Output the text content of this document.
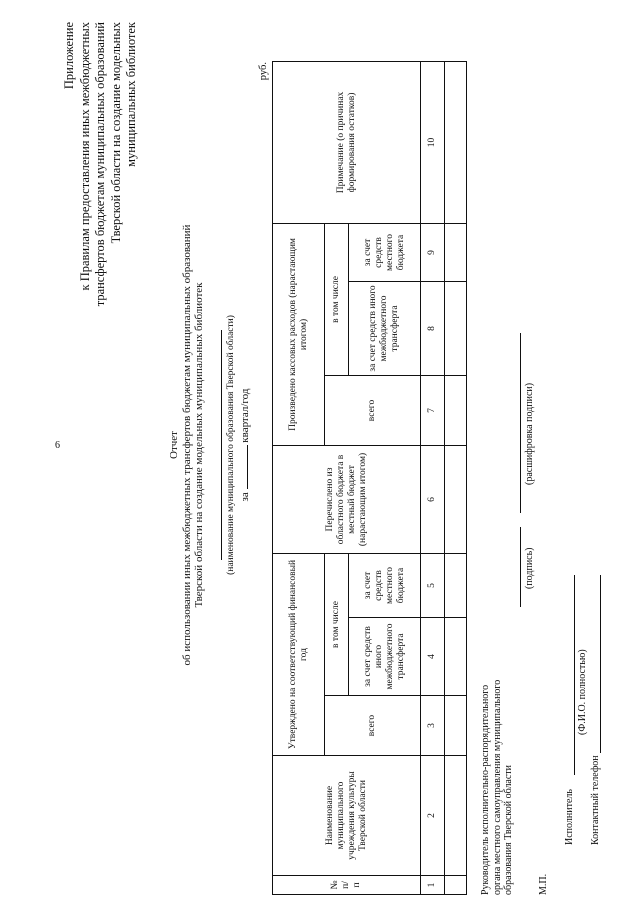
6
Приложение к Правилам предоставления иных межбюджетных трансфертов бюджетам муниципальных образований Тверской области на создание модельных муниципальных библиотек
Отчет об использовании иных межбюджетных трансфертов бюджетам муниципальных образований Тверской области на создание модельных муниципальных библиотек (наименование муниципального образования Тверской области) за  квартал/год
руб.
№ п/п	Наименование муниципального учреждения культуры Тверской области	Утверждено на соответствующий финансовый год			Перечислено из областного бюджета в местный бюджет (нарастающим итогом)	Произведено кассовых расходов (нарастающим итогом)			Примечание (о причинах формирования остатков)
		всего	в том числе			всего	в том числе		
			за счет средств иного межбюджетного трансферта	за счет средств местного бюджета			за счет средств иного межбюджетного трансферта	за счет средств местного бюджета	
1	2	3	4	5	6	7	8	9	10

Руководитель исполнительно-распорядительного органа местного самоуправления муниципального образования Тверской области
(подпись)
(расшифровка подписи)
М.П.
Исполнитель
(Ф.И.О. полностью)
Контактный телефон
